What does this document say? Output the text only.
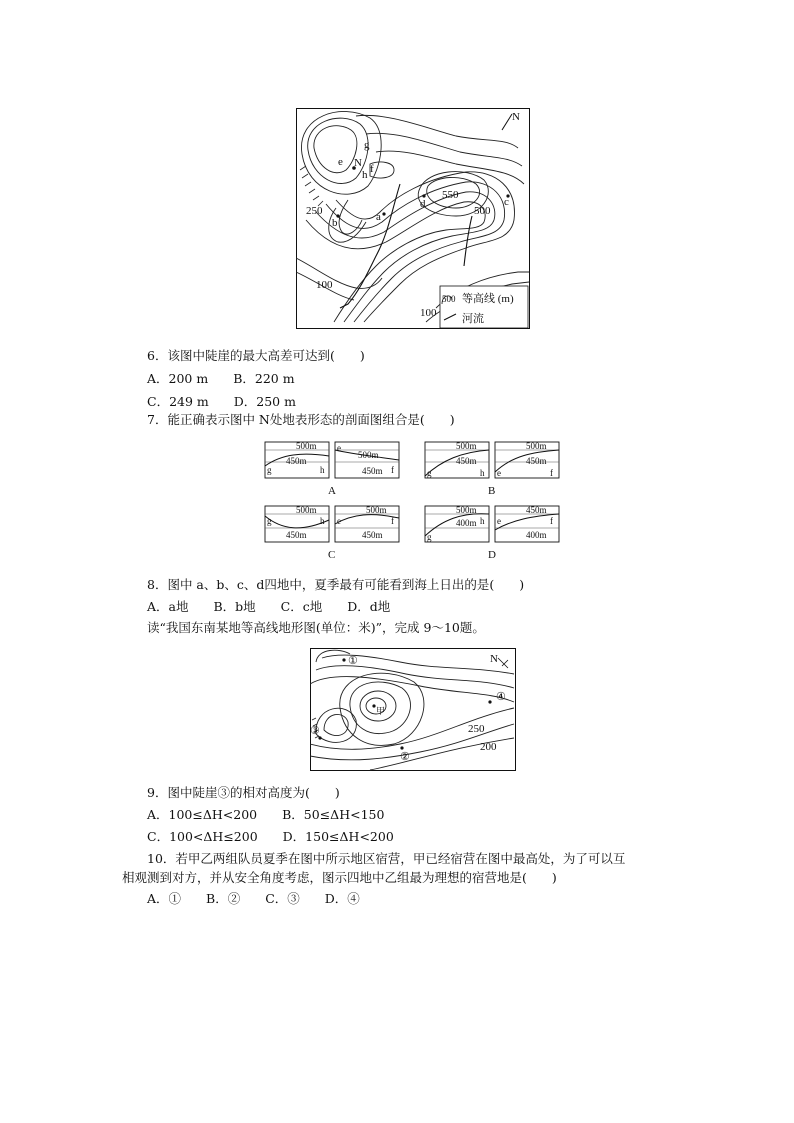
N
e
g
N
h f
a
b
c
d
550
500
250
100
100
500 等高线 (m)
河流
6．该图中陡崖的最大高差可达到(　　)
A．200 m　　B．220 m
C．249 m　　D．250 m
7．能正确表示图中 N处地表形态的剖面图组合是(　　)
500m
450m
g	h
500m
450m
e
f
A
500m
450m
g	h
500m
450m
e	f
B
500m
450m
g	h
500m
450m
e	f
C
500m
400m
g
h
450m
400m
e	f
D
8．图中 a、b、c、d四地中，夏季最有可能看到海上日出的是(　　)
A．a地　　B．b地　　C．c地　　D．d地
读“我国东南某地等高线地形图(单位：米)”，完成 9～10题。
N
①
②
③
④
甲
250
200
9．图中陡崖③的相对高度为(　　)
A．100≤ΔH<200　　B．50≤ΔH<150
C．100<ΔH≤200　　D．150≤ΔH<200
10．若甲乙两组队员夏季在图中所示地区宿营，甲已经宿营在图中最高处，为了可以互
相观测到对方，并从安全角度考虑，图示四地中乙组最为理想的宿营地是(　　)
A．①　　B．②　　C．③　　D．④
